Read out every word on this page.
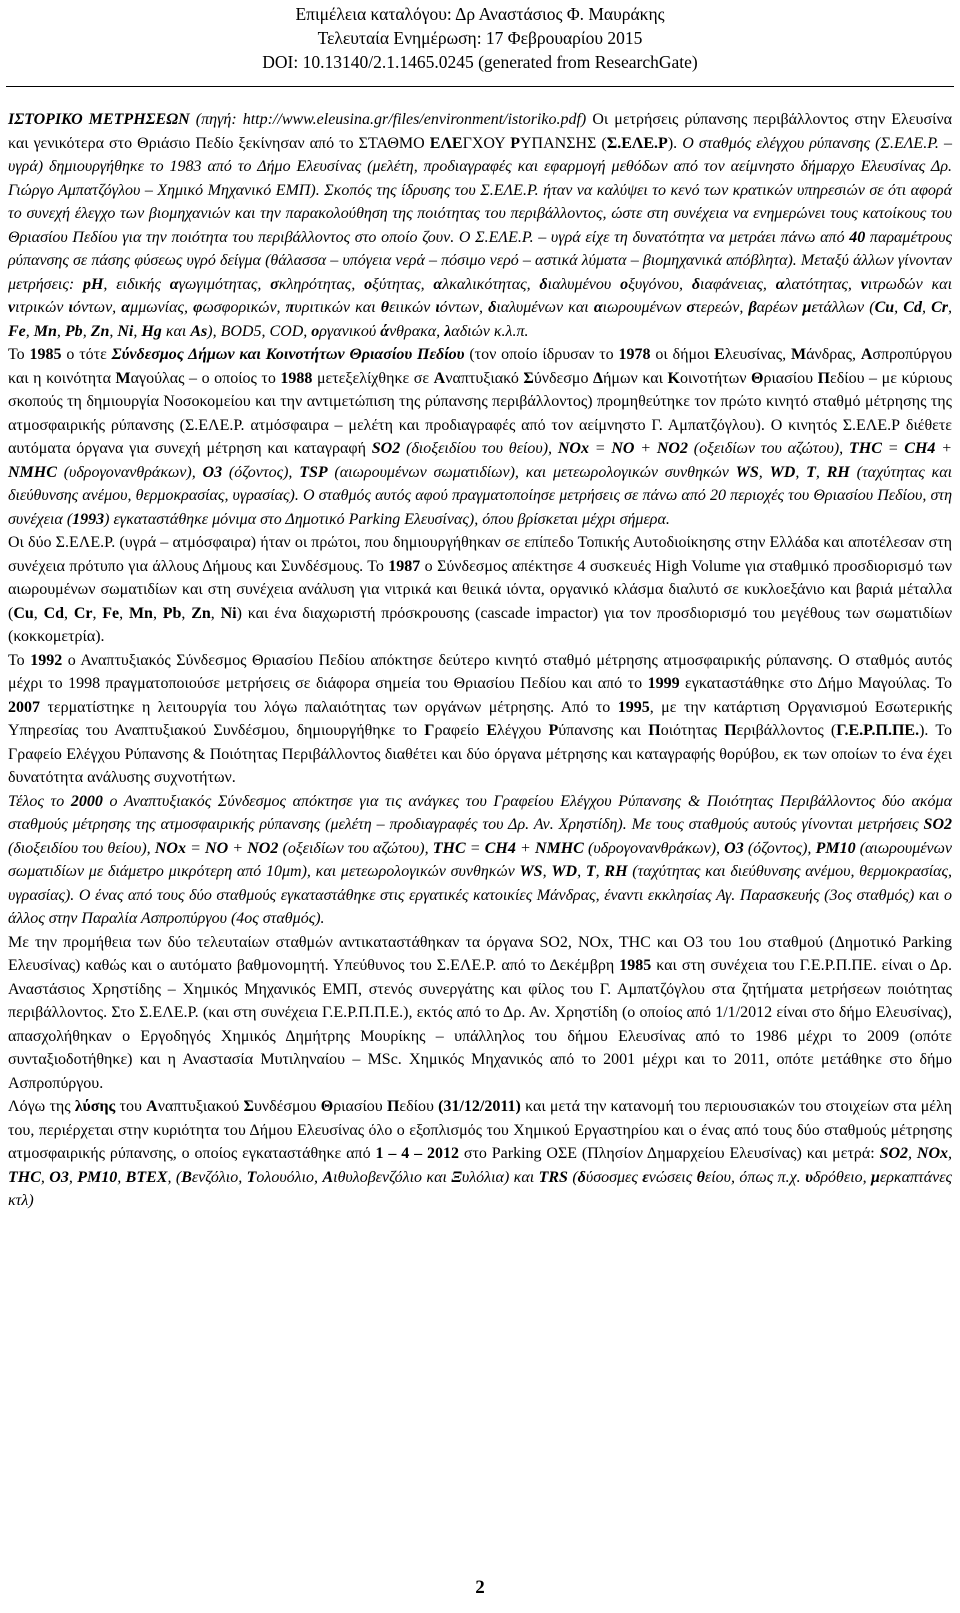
Επιμέλεια καταλόγου: Δρ Αναστάσιος Φ. Μαυράκης
Τελευταία Ενημέρωση: 17 Φεβρουαρίου 2015
DOI: 10.13140/2.1.1465.0245 (generated from ResearchGate)

ΙΣΤΟΡΙΚΟ ΜΕΤΡΗΣΕΩΝ (πηγή: http://www.eleusina.gr/files/environment/istoriko.pdf) Οι μετρήσεις ρύπανσης περιβάλλοντος στην Ελευσίνα και γενικότερα στο Θριάσιο Πεδίο ξεκίνησαν από το ΣΤΑΘΜΟ ΕΛΕΓΧΟΥ ΡΥΠΑΝΣΗΣ (Σ.ΕΛΕ.Ρ). Ο σταθμός ελέγχου ρύπανσης (Σ.ΕΛΕ.Ρ. – υγρά) δημιουργήθηκε το 1983 από το Δήμο Ελευσίνας (μελέτη, προδιαγραφές και εφαρμογή μεθόδων από τον αείμνηστο δήμαρχο Ελευσίνας Δρ. Γιώργο Αμπατζόγλου – Χημικό Μηχανικό ΕΜΠ). Σκοπός της ίδρυσης του Σ.ΕΛΕ.Ρ. ήταν να καλύψει το κενό των κρατικών υπηρεσιών σε ότι αφορά το συνεχή έλεγχο των βιομηχανιών και την παρακολούθηση της ποιότητας του περιβάλλοντος, ώστε στη συνέχεια να ενημερώνει τους κατοίκους του Θριασίου Πεδίου για την ποιότητα του περιβάλλοντος στο οποίο ζουν. Ο Σ.ΕΛΕ.Ρ. – υγρά είχε τη δυνατότητα να μετράει πάνω από 40 παραμέτρους ρύπανσης σε πάσης φύσεως υγρό δείγμα (θάλασσα – υπόγεια νερά – πόσιμο νερό – αστικά λύματα – βιομηχανικά απόβλητα). Μεταξύ άλλων γίνονταν μετρήσεις: pH, ειδικής αγωγιμότητας, σκληρότητας, οξύτητας, αλκαλικότητας, διαλυμένου οξυγόνου, διαφάνειας, αλατότητας, νιτρωδών και νιτρικών ιόντων, αμμωνίας, φωσφορικών, πυριτικών και θειικών ιόντων, διαλυμένων και αιωρουμένων στερεών, βαρέων μετάλλων (Cu, Cd, Cr, Fe, Mn, Pb, Zn, Ni, Hg και As), BOD5, COD, οργανικού άνθρακα, λαδιών κ.λ.π.

Το 1985 ο τότε Σύνδεσμος Δήμων και Κοινοτήτων Θριασίου Πεδίου (τον οποίο ίδρυσαν το 1978 οι δήμοι Ελευσίνας, Μάνδρας, Ασπροπύργου και η κοινότητα Μαγούλας – ο οποίος το 1988 μετεξελίχθηκε σε Αναπτυξιακό Σύνδεσμο Δήμων και Κοινοτήτων Θριασίου Πεδίου – με κύριους σκοπούς τη δημιουργία Νοσοκομείου και την αντιμετώπιση της ρύπανσης περιβάλλοντος) προμηθεύτηκε τον πρώτο κινητό σταθμό μέτρησης της ατμοσφαιρικής ρύπανσης (Σ.ΕΛΕ.Ρ. ατμόσφαιρα – μελέτη και προδιαγραφές από τον αείμνηστο Γ. Αμπατζόγλου). Ο κινητός Σ.ΕΛΕ.Ρ διέθετε αυτόματα όργανα για συνεχή μέτρηση και καταγραφή SO2 (διοξειδίου του θείου), NOx = NO + NO2 (οξειδίων του αζώτου), THC = CH4 + NMHC (υδρογονανθράκων), O3 (όζοντος), TSP (αιωρουμένων σωματιδίων), και μετεωρολογικών συνθηκών WS, WD, T, RH (ταχύτητας και διεύθυνσης ανέμου, θερμοκρασίας, υγρασίας). Ο σταθμός αυτός αφού πραγματοποίησε μετρήσεις σε πάνω από 20 περιοχές του Θριασίου Πεδίου, στη συνέχεια (1993) εγκαταστάθηκε μόνιμα στο Δημοτικό Parking Ελευσίνας), όπου βρίσκεται μέχρι σήμερα.

Οι δύο Σ.ΕΛΕ.Ρ. (υγρά – ατμόσφαιρα) ήταν οι πρώτοι, που δημιουργήθηκαν σε επίπεδο Τοπικής Αυτοδιοίκησης στην Ελλάδα και αποτέλεσαν στη συνέχεια πρότυπο για άλλους Δήμους και Συνδέσμους. Το 1987 ο Σύνδεσμος απέκτησε 4 συσκευές High Volume για σταθμικό προσδιορισμό των αιωρουμένων σωματιδίων και στη συνέχεια ανάλυση για νιτρικά και θειικά ιόντα, οργανικό κλάσμα διαλυτό σε κυκλοεξάνιο και βαριά μέταλλα (Cu, Cd, Cr, Fe, Mn, Pb, Zn, Ni) και ένα διαχωριστή πρόσκρουσης (cascade impactor) για τον προσδιορισμό του μεγέθους των σωματιδίων (κοκκομετρία).

Το 1992 ο Αναπτυξιακός Σύνδεσμος Θριασίου Πεδίου απόκτησε δεύτερο κινητό σταθμό μέτρησης ατμοσφαιρικής ρύπανσης. Ο σταθμός αυτός μέχρι το 1998 πραγματοποιούσε μετρήσεις σε διάφορα σημεία του Θριασίου Πεδίου και από το 1999 εγκαταστάθηκε στο Δήμο Μαγούλας. Το 2007 τερματίστηκε η λειτουργία του λόγω παλαιότητας των οργάνων μέτρησης. Από το 1995, με την κατάρτιση Οργανισμού Εσωτερικής Υπηρεσίας του Αναπτυξιακού Συνδέσμου, δημιουργήθηκε το Γραφείο Ελέγχου Ρύπανσης και Ποιότητας Περιβάλλοντος (Γ.Ε.Ρ.Π.ΠΕ.). Το Γραφείο Ελέγχου Ρύπανσης & Ποιότητας Περιβάλλοντος διαθέτει και δύο όργανα μέτρησης και καταγραφής θορύβου, εκ των οποίων το ένα έχει δυνατότητα ανάλυσης συχνοτήτων.

Τέλος το 2000 ο Αναπτυξιακός Σύνδεσμος απόκτησε για τις ανάγκες του Γραφείου Ελέγχου Ρύπανσης & Ποιότητας Περιβάλλοντος δύο ακόμα σταθμούς μέτρησης της ατμοσφαιρικής ρύπανσης (μελέτη – προδιαγραφές του Δρ. Αν. Χρηστίδη). Με τους σταθμούς αυτούς γίνονται μετρήσεις SO2 (διοξειδίου του θείου), NOx = NO + NO2 (οξειδίων του αζώτου), THC = CH4 + NMHC (υδρογονανθράκων), O3 (όζοντος), PM10 (αιωρουμένων σωματιδίων με διάμετρο μικρότερη από 10μm), και μετεωρολογικών συνθηκών WS, WD, T, RH (ταχύτητας και διεύθυνσης ανέμου, θερμοκρασίας, υγρασίας). Ο ένας από τους δύο σταθμούς εγκαταστάθηκε στις εργατικές κατοικίες Μάνδρας, έναντι εκκλησίας Αγ. Παρασκευής (3ος σταθμός) και ο άλλος στην Παραλία Ασπροπύργου (4ος σταθμός).

Με την προμήθεια των δύο τελευταίων σταθμών αντικαταστάθηκαν τα όργανα SO2, NOx, THC και O3 του 1ου σταθμού (Δημοτικό Parking Ελευσίνας) καθώς και ο αυτόματο βαθμονομητή. Υπεύθυνος του Σ.ΕΛΕ.Ρ. από το Δεκέμβρη 1985 και στη συνέχεια του Γ.Ε.Ρ.Π.ΠΕ. είναι ο Δρ. Αναστάσιος Χρηστίδης – Χημικός Μηχανικός ΕΜΠ, στενός συνεργάτης και φίλος του Γ. Αμπατζόγλου στα ζητήματα μετρήσεων ποιότητας περιβάλλοντος. Στο Σ.ΕΛΕ.Ρ. (και στη συνέχεια Γ.Ε.Ρ.Π.Π.Ε.), εκτός από το Δρ. Αν. Χρηστίδη (ο οποίος από 1/1/2012 είναι στο δήμο Ελευσίνας), απασχολήθηκαν ο Εργοδηγός Χημικός Δημήτρης Μουρίκης – υπάλληλος του δήμου Ελευσίνας από το 1986 μέχρι το 2009 (οπότε συνταξιοδοτήθηκε) και η Αναστασία Μυτιληναίου – MSc. Χημικός Μηχανικός από το 2001 μέχρι και το 2011, οπότε μετάθηκε στο δήμο Ασπροπύργου.

Λόγω της λύσης του Αναπτυξιακού Συνδέσμου Θριασίου Πεδίου (31/12/2011) και μετά την κατανομή του περιουσιακών του στοιχείων στα μέλη του, περιέρχεται στην κυριότητα του Δήμου Ελευσίνας όλο ο εξοπλισμός του Χημικού Εργαστηρίου και ο ένας από τους δύο σταθμούς μέτρησης ατμοσφαιρικής ρύπανσης, ο οποίος εγκαταστάθηκε από 1 – 4 – 2012 στο Parking ΟΣΕ (Πλησίον Δημαρχείου Ελευσίνας) και μετρά: SO2, NOx, THC, O3, PM10, BTEX, (Βενζόλιο, Τολουόλιο, Αιθυλοβενζόλιο και Ξυλόλια) και TRS (δύσοσμες ενώσεις θείου, όπως π.χ. υδρόθειο, μερκαπτάνες κτλ)

2
